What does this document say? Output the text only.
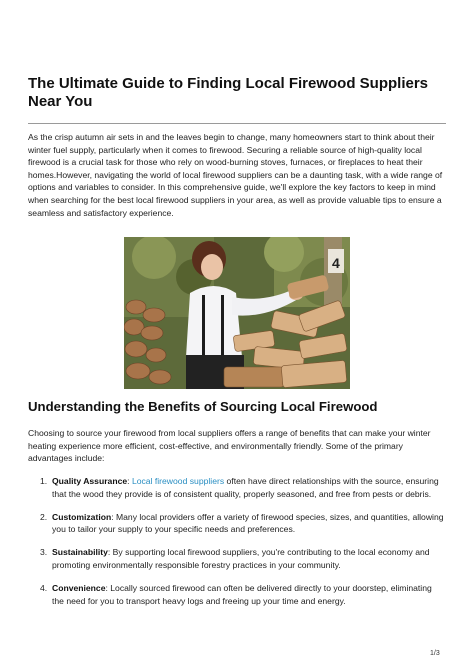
The Ultimate Guide to Finding Local Firewood Suppliers Near You

As the crisp autumn air sets in and the leaves begin to change, many homeowners start to think about their winter fuel supply, particularly when it comes to firewood. Securing a reliable source of high-quality local firewood is a crucial task for those who rely on wood-burning stoves, furnaces, or fireplaces to heat their homes.However, navigating the world of local firewood suppliers can be a daunting task, with a wide range of options and variables to consider. In this comprehensive guide, we'll explore the key factors to keep in mind when searching for the best local firewood suppliers in your area, as well as provide valuable tips to ensure a seamless and satisfactory experience.

4
Understanding the Benefits of Sourcing Local Firewood

Choosing to source your firewood from local suppliers offers a range of benefits that can make your winter heating experience more efficient, cost-effective, and environmentally friendly. Some of the primary advantages include:

1. Quality Assurance: Local firewood suppliers often have direct relationships with the source, ensuring that the wood they provide is of consistent quality, properly seasoned, and free from pests or debris.
2. Customization: Many local providers offer a variety of firewood species, sizes, and quantities, allowing you to tailor your supply to your specific needs and preferences.
3. Sustainability: By supporting local firewood suppliers, you're contributing to the local economy and promoting environmentally responsible forestry practices in your community.
4. Convenience: Locally sourced firewood can often be delivered directly to your doorstep, eliminating the need for you to transport heavy logs and freeing up your time and energy.
1/3
